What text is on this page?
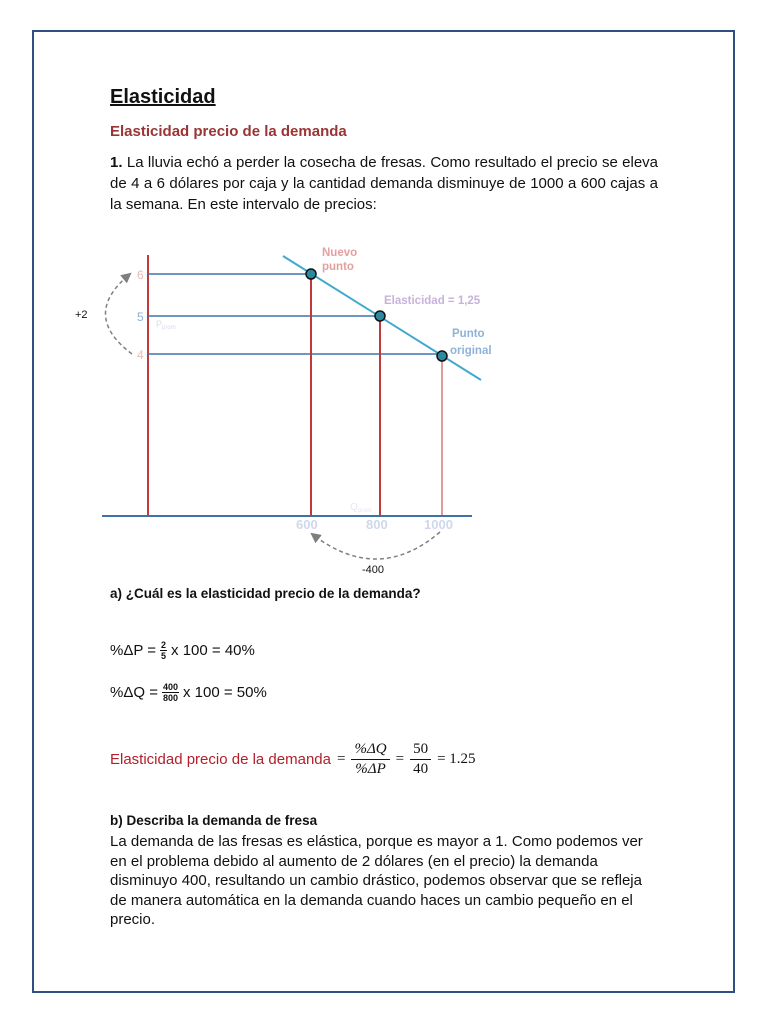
Elasticidad
Elasticidad precio de la demanda

1. La lluvia echó a perder la cosecha de fresas. Como resultado el precio se eleva de 4 a 6 dólares por caja y la cantidad demanda disminuye de 1000 a 600 cajas a la semana. En este intervalo de precios:

Nuevo
punto
Elasticidad = 1,25
Punto
original
6
5
4
$P_{prom}$
600	800	1000
$Q_{prom}$
+2
-400

a) ¿Cuál es la elasticidad precio de la demanda?

$\%\Delta P = \frac{2}{5}$ x 100 = 40%
$\%\Delta Q = \frac{400}{800}$ x 100 = 50%
Elasticidad precio de la demanda = $\frac{\%\Delta Q}{\%\Delta P} = \frac{50}{40} = 1.25$

b) Describa la demanda de fresa

La demanda de las fresas es elástica, porque es mayor a 1. Como podemos ver en el problema debido al aumento de 2 dólares (en el precio) la demanda disminuyo 400, resultando un cambio drástico, podemos observar que se refleja de manera automática en la demanda cuando haces un cambio pequeño en el precio.
